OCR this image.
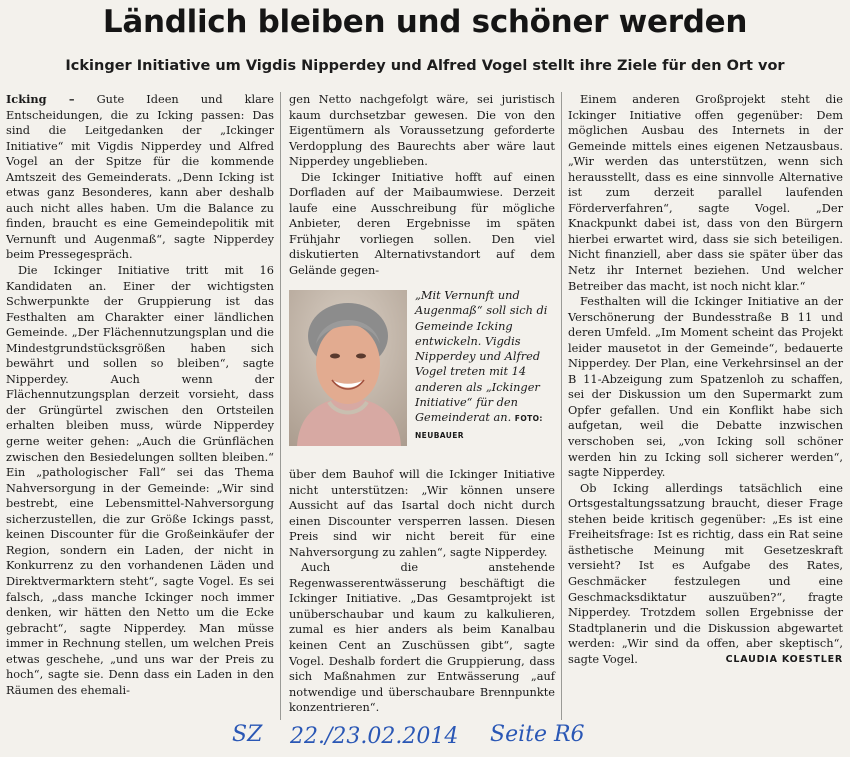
Ländlich bleiben und schöner werden
Ickinger Initiative um Vigdis Nipperdey und Alfred Vogel stellt ihre Ziele für den Ort vor

Icking – Gute Ideen und klare Entscheidungen, die zu Icking passen: Das sind die Leitgedanken der „Ickinger Initiative“ mit Vigdis Nipperdey und Alfred Vogel an der Spitze für die kommende Amtszeit des Gemeinderats. „Denn Icking ist etwas ganz Besonderes, kann aber deshalb auch nicht alles haben. Um die Balance zu finden, braucht es eine Gemeindepolitik mit Vernunft und Augenmaß“, sagte Nipperdey beim Pressegespräch.

Die Ickinger Initiative tritt mit 16 Kandidaten an. Einer der wichtigsten Schwerpunkte der Gruppierung ist das Festhalten am Charakter einer ländlichen Gemeinde. „Der Flächennutzungsplan und die Mindestgrundstücksgrößen haben sich bewährt und sollen so bleiben“, sagte Nipperdey. Auch wenn der Flächennutzungsplan derzeit vorsieht, dass der Grüngürtel zwischen den Ortsteilen erhalten bleiben muss, würde Nipperdey gerne weiter gehen: „Auch die Grünflächen zwischen den Besiedelungen sollten bleiben.“ Ein „pathologischer Fall“ sei das Thema Nahversorgung in der Gemeinde: „Wir sind bestrebt, eine Lebensmittel-Nahversorgung sicherzustellen, die zur Größe Ickings passt, keinen Discounter für die Großeinkäufer der Region, sondern ein Laden, der nicht in Konkurrenz zu den vorhandenen Läden und Direktvermarktern steht“, sagte Vogel. Es sei falsch, „dass manche Ickinger noch immer denken, wir hätten den Netto um die Ecke gebracht“, sagte Nipperdey. Man müsse immer in Rechnung stellen, um welchen Preis etwas geschehe, „und uns war der Preis zu hoch“, sagte sie. Denn dass ein Laden in den Räumen des ehemali-

gen Netto nachgefolgt wäre, sei juristisch kaum durchsetzbar gewesen. Die von den Eigentümern als Voraussetzung geforderte Verdopplung des Baurechts aber wäre laut Nipperdey ungeblieben.

Die Ickinger Initiative hofft auf einen Dorfladen auf der Maibaumwiese. Derzeit laufe eine Ausschreibung für mögliche Anbieter, deren Ergebnisse im späten Frühjahr vorliegen sollen. Den viel diskutierten Alternativstandort auf dem Gelände gegen-

„Mit Vernunft und Augenmaß“ soll sich di Gemeinde Icking entwickeln. Vigdis Nipperdey und Alfred Vogel treten mit 14 anderen als „Ickinger Initiative“ für den Gemeinderat an. FOTO: NEUBAUER

über dem Bauhof will die Ickinger Initiative nicht unterstützen: „Wir können unsere Aussicht auf das Isartal doch nicht durch einen Discounter versperren lassen. Diesen Preis sind wir nicht bereit für eine Nahversorgung zu zahlen“, sagte Nipperdey.

Auch die anstehende Regenwasserentwässerung beschäftigt die Ickinger Initiative. „Das Gesamtprojekt ist unüberschaubar und kaum zu kalkulieren, zumal es hier anders als beim Kanalbau keinen Cent an Zuschüssen gibt“, sagte Vogel. Deshalb fordert die Gruppierung, dass sich Maßnahmen zur Entwässerung „auf notwendige und überschaubare Brennpunkte konzentrieren“.

Einem anderen Großprojekt steht die Ickinger Initiative offen gegenüber: Dem möglichen Ausbau des Internets in der Gemeinde mittels eines eigenen Netzausbaus. „Wir werden das unterstützen, wenn sich herausstellt, dass es eine sinnvolle Alternative ist zum derzeit parallel laufenden Förderverfahren“, sagte Vogel. „Der Knackpunkt dabei ist, dass von den Bürgern hierbei erwartet wird, dass sie sich beteiligen. Nicht finanziell, aber dass sie später über das Netz ihr Internet beziehen. Und welcher Betreiber das macht, ist noch nicht klar.“

Festhalten will die Ickinger Initiative an der Verschönerung der Bundesstraße B 11 und deren Umfeld. „Im Moment scheint das Projekt leider mausetot in der Gemeinde“, bedauerte Nipperdey. Der Plan, eine Verkehrsinsel an der B 11-Abzeigung zum Spatzenloh zu schaffen, sei der Diskussion um den Supermarkt zum Opfer gefallen. Und ein Konflikt habe sich aufgetan, weil die Debatte inzwischen verschoben sei, „von Icking soll schöner werden hin zu Icking soll sicherer werden“, sagte Nipperdey.

Ob Icking allerdings tatsächlich eine Ortsgestaltungssatzung braucht, dieser Frage stehen beide kritisch gegenüber: „Es ist eine Freiheitsfrage: Ist es richtig, dass ein Rat seine ästhetische Meinung mit Gesetzeskraft versieht? Ist es Aufgabe des Rates, Geschmäcker festzulegen und eine Geschmacksdiktatur auszuüben?“, fragte Nipperdey. Trotzdem sollen Ergebnisse der Stadtplanerin und die Diskussion abgewartet werden: „Wir sind da offen, aber skeptisch“, sagte Vogel.	CLAUDIA KOESTLER

SZ 22./23.02.2014 Seite R6
